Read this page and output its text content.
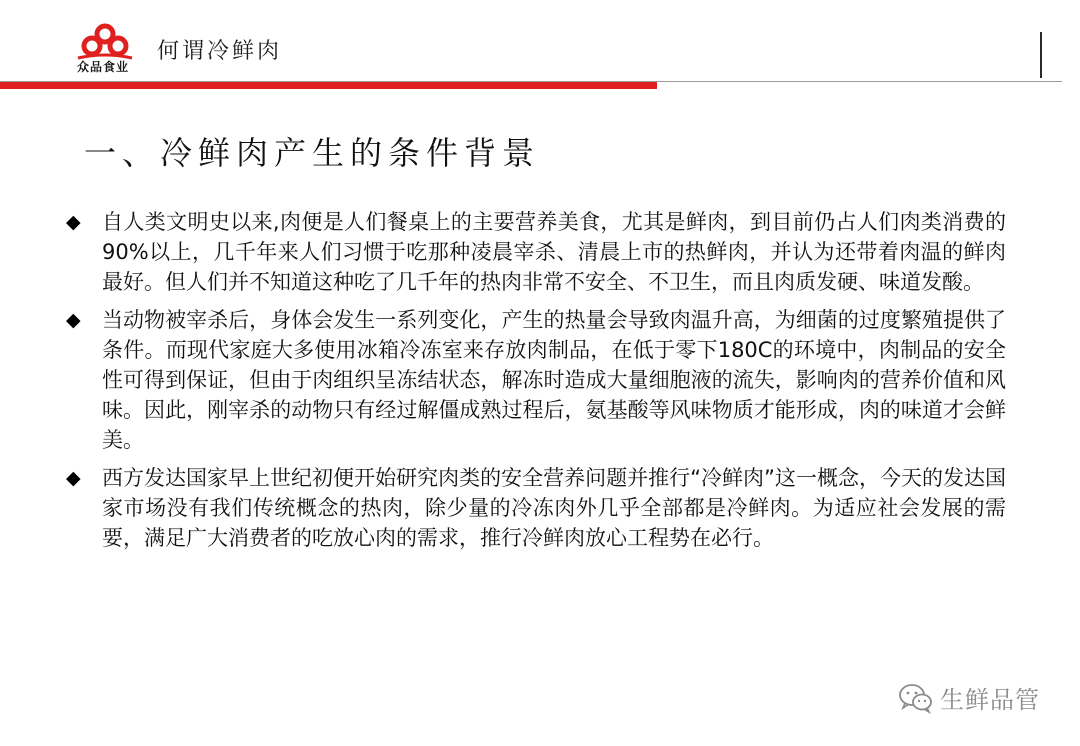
众品食业
何谓冷鲜肉
一、冷鲜肉产生的条件背景
◆	自人类文明史以来,肉便是人们餐桌上的主要营养美食，尤其是鲜肉，到目前仍占人们肉类消费的90%以上，几千年来人们习惯于吃那种凌晨宰杀、清晨上市的热鲜肉，并认为还带着肉温的鲜肉最好。但人们并不知道这种吃了几千年的热肉非常不安全、不卫生，而且肉质发硬、味道发酸。
◆	当动物被宰杀后，身体会发生一系列变化，产生的热量会导致肉温升高，为细菌的过度繁殖提供了条件。而现代家庭大多使用冰箱冷冻室来存放肉制品，在低于零下180C的环境中，肉制品的安全性可得到保证，但由于肉组织呈冻结状态，解冻时造成大量细胞液的流失，影响肉的营养价值和风味。因此，刚宰杀的动物只有经过解僵成熟过程后，氨基酸等风味物质才能形成，肉的味道才会鲜美。
◆	西方发达国家早上世纪初便开始研究肉类的安全营养问题并推行“冷鲜肉”这一概念，今天的发达国家市场没有我们传统概念的热肉，除少量的冷冻肉外几乎全部都是冷鲜肉。为适应社会发展的需要，满足广大消费者的吃放心肉的需求，推行冷鲜肉放心工程势在必行。
生鲜品管
